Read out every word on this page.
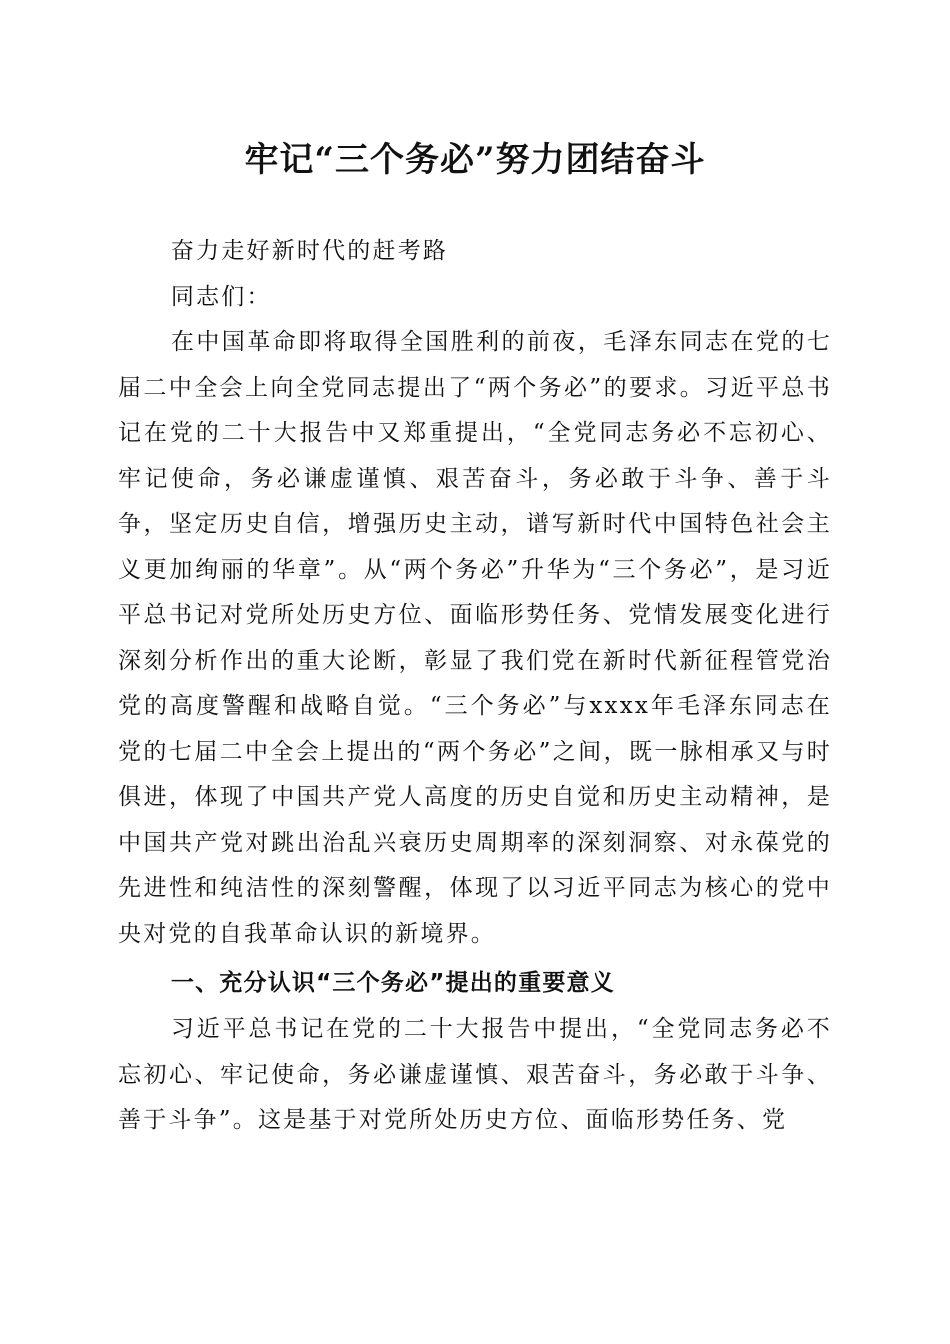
牢记“三个务必”努力团结奋斗

奋力走好新时代的赶考路

同志们：

在中国革命即将取得全国胜利的前夜，毛泽东同志在党的七届二中全会上向全党同志提出了“两个务必”的要求。习近平总书记在党的二十大报告中又郑重提出，“全党同志务必不忘初心、牢记使命，务必谦虚谨慎、艰苦奋斗，务必敢于斗争、善于斗争，坚定历史自信，增强历史主动，谱写新时代中国特色社会主义更加绚丽的华章”。从“两个务必”升华为“三个务必”，是习近平总书记对党所处历史方位、面临形势任务、党情发展变化进行深刻分析作出的重大论断，彰显了我们党在新时代新征程管党治党的高度警醒和战略自觉。“三个务必”与xxxx年毛泽东同志在党的七届二中全会上提出的“两个务必”之间，既一脉相承又与时俱进，体现了中国共产党人高度的历史自觉和历史主动精神，是中国共产党对跳出治乱兴衰历史周期率的深刻洞察、对永葆党的先进性和纯洁性的深刻警醒，体现了以习近平同志为核心的党中央对党的自我革命认识的新境界。

一、充分认识“三个务必”提出的重要意义

习近平总书记在党的二十大报告中提出，“全党同志务必不忘初心、牢记使命，务必谦虚谨慎、艰苦奋斗，务必敢于斗争、善于斗争”。这是基于对党所处历史方位、面临形势任务、党
